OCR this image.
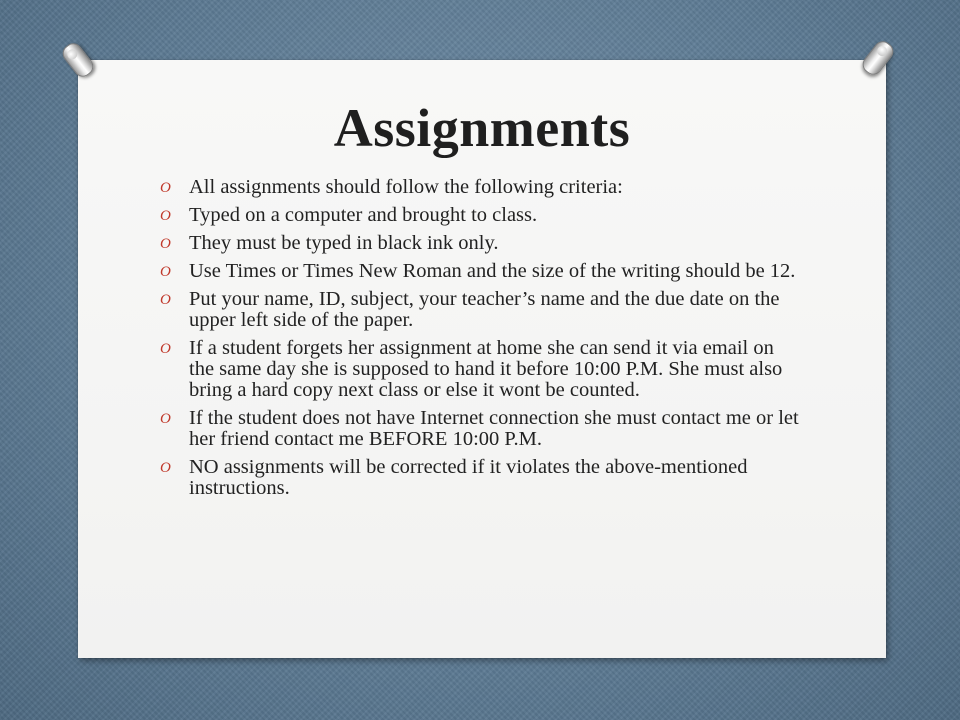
Assignments
O All assignments should follow the following criteria:
O Typed on a computer and brought to class.
O They must be typed in black ink only.
O Use Times or Times New Roman and the size of the writing should be 12.
O Put your name, ID, subject, your teacher’s name and the due date on the upper left side of the paper.
O If a student forgets her assignment at home she can send it via email on the same day she is supposed to hand it before 10:00 P.M. She must also bring a hard copy next class or else it wont be counted.
O If the student does not have Internet connection she must contact me or let her friend contact me BEFORE 10:00 P.M.
O NO assignments will be corrected if it violates the above-mentioned instructions.
